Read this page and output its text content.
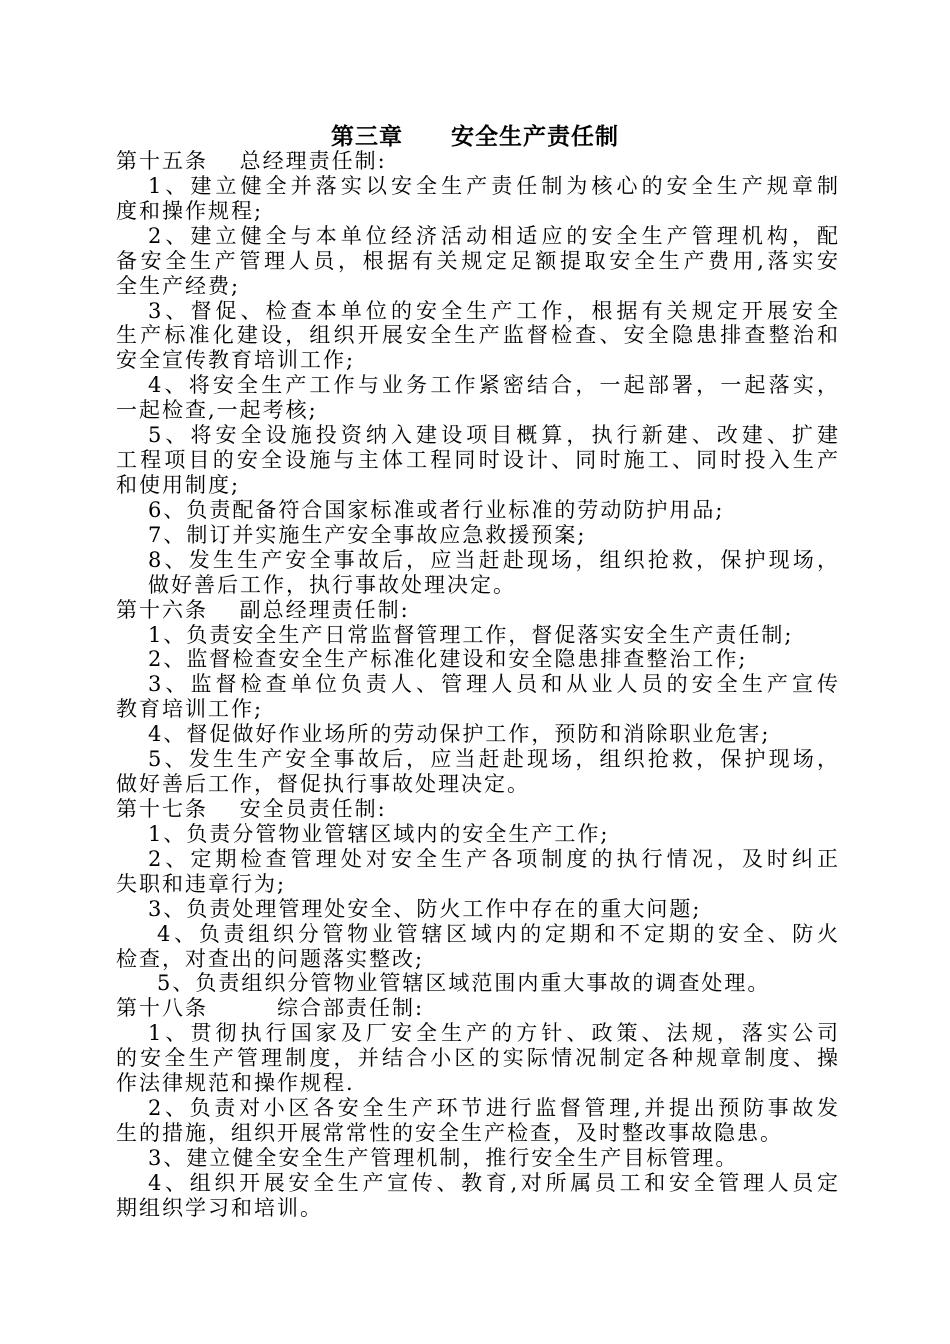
第三章　　安全生产责任制
第十五条　 总经理责任制:
1、建立健全并落实以安全生产责任制为核心的安全生产规章制
度和操作规程;
2、建立健全与本单位经济活动相适应的安全生产管理机构，配
备安全生产管理人员，根据有关规定足额提取安全生产费用,落实安
全生产经费;
3、督促、检查本单位的安全生产工作，根据有关规定开展安全
生产标准化建设，组织开展安全生产监督检查、安全隐患排查整治和
安全宣传教育培训工作;
4、将安全生产工作与业务工作紧密结合，一起部署，一起落实，
一起检查,一起考核;
5、将安全设施投资纳入建设项目概算，执行新建、改建、扩建
工程项目的安全设施与主体工程同时设计、同时施工、同时投入生产
和使用制度;
6、负责配备符合国家标准或者行业标准的劳动防护用品;
7、制订并实施生产安全事故应急救援预案;
8、发生生产安全事故后，应当赶赴现场，组织抢救，保护现场，
做好善后工作，执行事故处理决定。
第十六条　 副总经理责任制:
1、负责安全生产日常监督管理工作，督促落实安全生产责任制;
2、监督检查安全生产标准化建设和安全隐患排查整治工作;
3、监督检查单位负责人、管理人员和从业人员的安全生产宣传
教育培训工作;
4、督促做好作业场所的劳动保护工作，预防和消除职业危害;
5、发生生产安全事故后，应当赶赴现场，组织抢救，保护现场，
做好善后工作，督促执行事故处理决定。
第十七条　 安全员责任制:
1、负责分管物业管辖区域内的安全生产工作;
2、定期检查管理处对安全生产各项制度的执行情况，及时纠正
失职和违章行为;
3、负责处理管理处安全、防火工作中存在的重大问题;
4、负责组织分管物业管辖区域内的定期和不定期的安全、防火
检查，对查出的问题落实整改;
5、负责组织分管物业管辖区域范围内重大事故的调查处理。
第十八条　　　综合部责任制:
1、贯彻执行国家及厂安全生产的方针、政策、法规，落实公司
的安全生产管理制度，并结合小区的实际情况制定各种规章制度、操
作法律规范和操作规程.
2、负责对小区各安全生产环节进行监督管理,并提出预防事故发
生的措施，组织开展常常性的安全生产检查，及时整改事故隐患。
3、建立健全安全生产管理机制，推行安全生产目标管理。
4、组织开展安全生产宣传、教育,对所属员工和安全管理人员定
期组织学习和培训。
